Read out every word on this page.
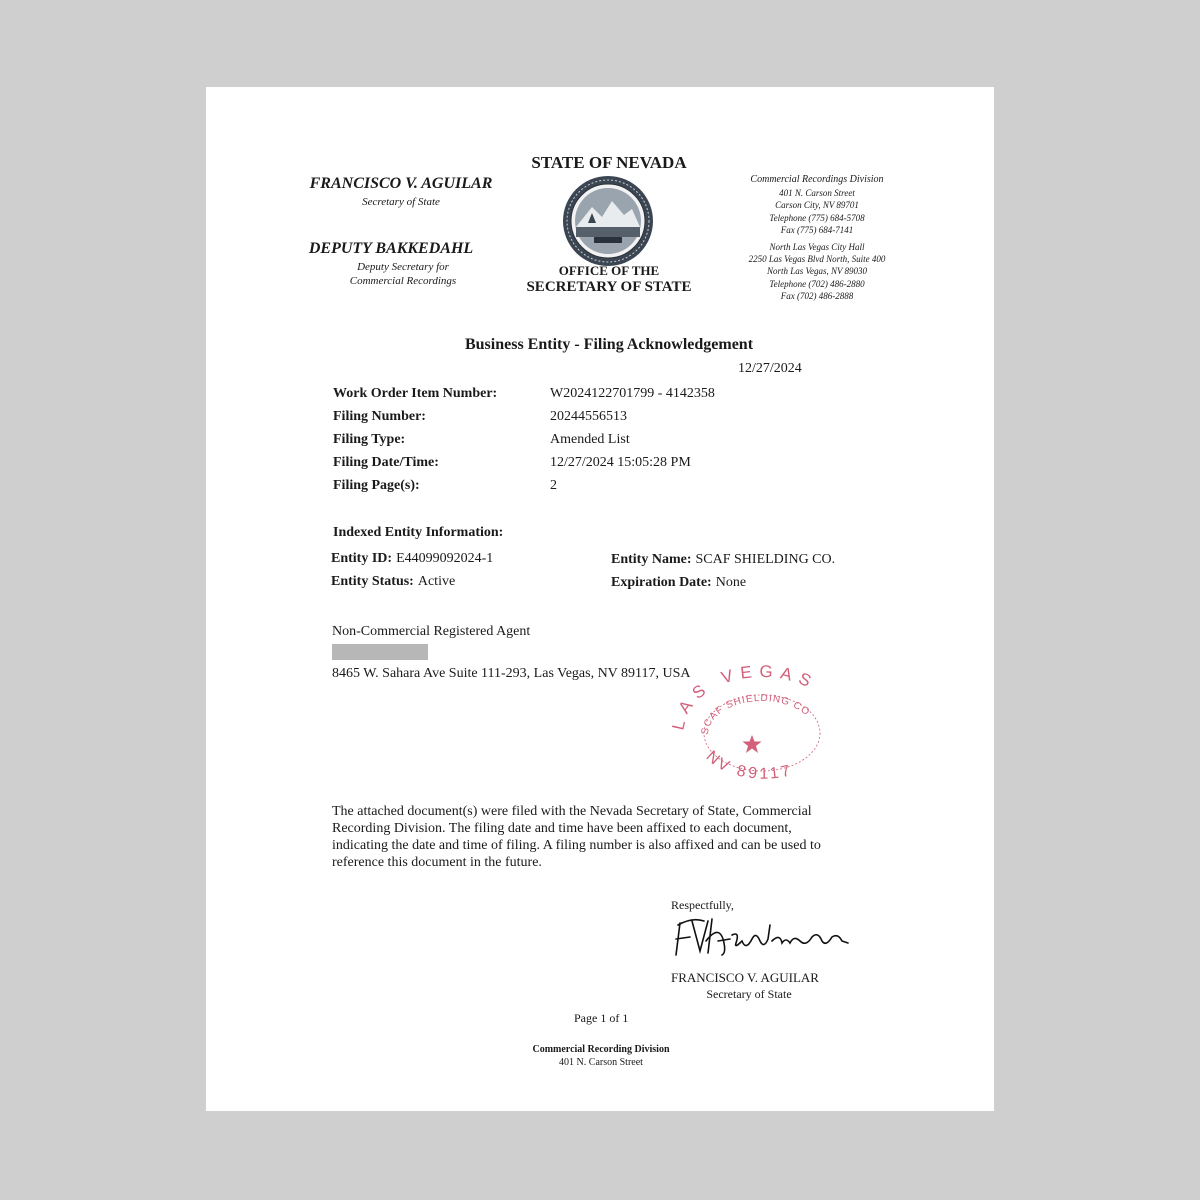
FRANCISCO V. AGUILAR
Secretary of State
DEPUTY BAKKEDAHL
Deputy Secretary for
Commercial Recordings
STATE OF NEVADA
OFFICE OF THE
SECRETARY OF STATE
Commercial Recordings Division
401 N. Carson Street
Carson City, NV 89701
Telephone (775) 684-5708
Fax (775) 684-7141
North Las Vegas City Hall
2250 Las Vegas Blvd North, Suite 400
North Las Vegas, NV 89030
Telephone (702) 486-2880
Fax (702) 486-2888
Business Entity - Filing Acknowledgement
12/27/2024
Work Order Item Number:	W2024122701799 - 4142358
Filing Number:	20244556513
Filing Type:	Amended List
Filing Date/Time:	12/27/2024 15:05:28 PM
Filing Page(s):	2
Indexed Entity Information:
Entity ID: E44099092024-1
Entity Status: Active
Entity Name: SCAF SHIELDING CO.
Expiration Date: None
Non-Commercial Registered Agent
8465 W. Sahara Ave Suite 111-293, Las Vegas, NV 89117, USA
LAS VEGAS
SCAF SHIELDING CO
NV 89117
The attached document(s) were filed with the Nevada Secretary of State, Commercial
Recording Division. The filing date and time have been affixed to each document,
indicating the date and time of filing. A filing number is also affixed and can be used to
reference this document in the future.
Respectfully,
FRANCISCO V. AGUILAR
Secretary of State
Page 1 of 1
Commercial Recording Division
401 N. Carson Street
